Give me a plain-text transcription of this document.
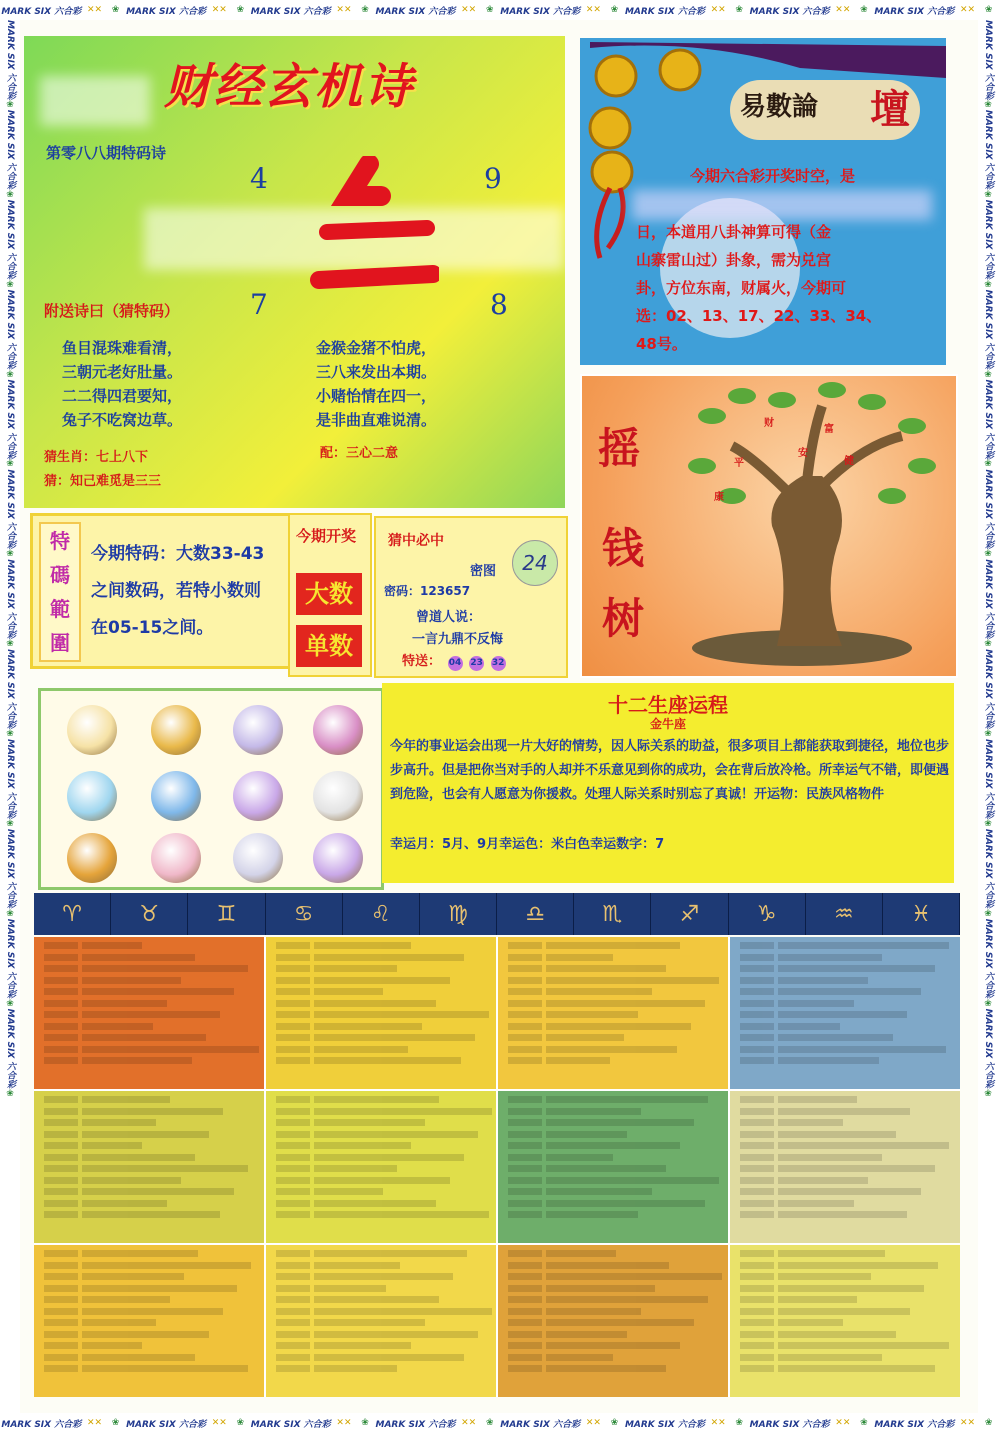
MARK SIX 六合彩 ✕✕ ❀ MARK SIX 六合彩 ✕✕ ❀ MARK SIX 六合彩 ✕✕ ❀ MARK SIX 六合彩 ✕✕ ❀ MARK SIX 六合彩 ✕✕ ❀ MARK SIX 六合彩 ✕✕ ❀ MARK SIX 六合彩 ✕✕ ❀ MARK SIX 六合彩 ✕✕ ❀
MARK SIX 六合彩 ✕✕ ❀ MARK SIX 六合彩 ✕✕ ❀ MARK SIX 六合彩 ✕✕ ❀ MARK SIX 六合彩 ✕✕ ❀ MARK SIX 六合彩 ✕✕ ❀ MARK SIX 六合彩 ✕✕ ❀ MARK SIX 六合彩 ✕✕ ❀ MARK SIX 六合彩 ✕✕ ❀
MARK SIX 六合彩❀MARK SIX 六合彩❀MARK SIX 六合彩❀MARK SIX 六合彩❀MARK SIX 六合彩❀MARK SIX 六合彩❀MARK SIX 六合彩❀MARK SIX 六合彩❀MARK SIX 六合彩❀MARK SIX 六合彩❀MARK SIX 六合彩❀MARK SIX 六合彩❀
MARK SIX 六合彩❀MARK SIX 六合彩❀MARK SIX 六合彩❀MARK SIX 六合彩❀MARK SIX 六合彩❀MARK SIX 六合彩❀MARK SIX 六合彩❀MARK SIX 六合彩❀MARK SIX 六合彩❀MARK SIX 六合彩❀MARK SIX 六合彩❀MARK SIX 六合彩❀
财经玄机诗
第零八八期特码诗
4	9
7	8
附送诗曰（猜特码）
鱼目混珠难看清，
三朝元老好肚量。
二二得四君要知，
兔子不吃窝边草。
金猴金猪不怕虎，
三八来发出本期。
小赌怡情在四一，
是非曲直难说清。
猜生肖：七上八下
猜：知己难觅是三三
配：三心二意
易數論 壇
今期六合彩开奖时空，是
日，本道用八卦神算可得（金
山寨雷山过）卦象，需为兑宫
卦，方位东南，财属火，今期可
选：02、13、17、22、33、34、
48号。
摇
钱
树
财
富
平
安
健
康
特
碼
範
圍
今期特码：大数33-43
之间数码，若特小数则
在05-15之间。
今期开奖
大数
单数
猜中必中
密图	24
密码：123657
曾道人说：
一言九鼎不反悔
特送： 04 23 32
十二生座运程
金牛座
今年的事业运会出现一片大好的情势，因人际关系的助益，很多项目上都能获取到捷径，地位也步步高升。但是把你当对手的人却并不乐意见到你的成功，会在背后放冷枪。所幸运气不错，即便遇到危险，也会有人愿意为你援救。处理人际关系时别忘了真诚！开运物：民族风格物件
幸运月：5月、9月幸运色：米白色幸运数字：7
♈	♉	♊	♋	♌	♍	♎	♏	♐	♑	♒	♓
